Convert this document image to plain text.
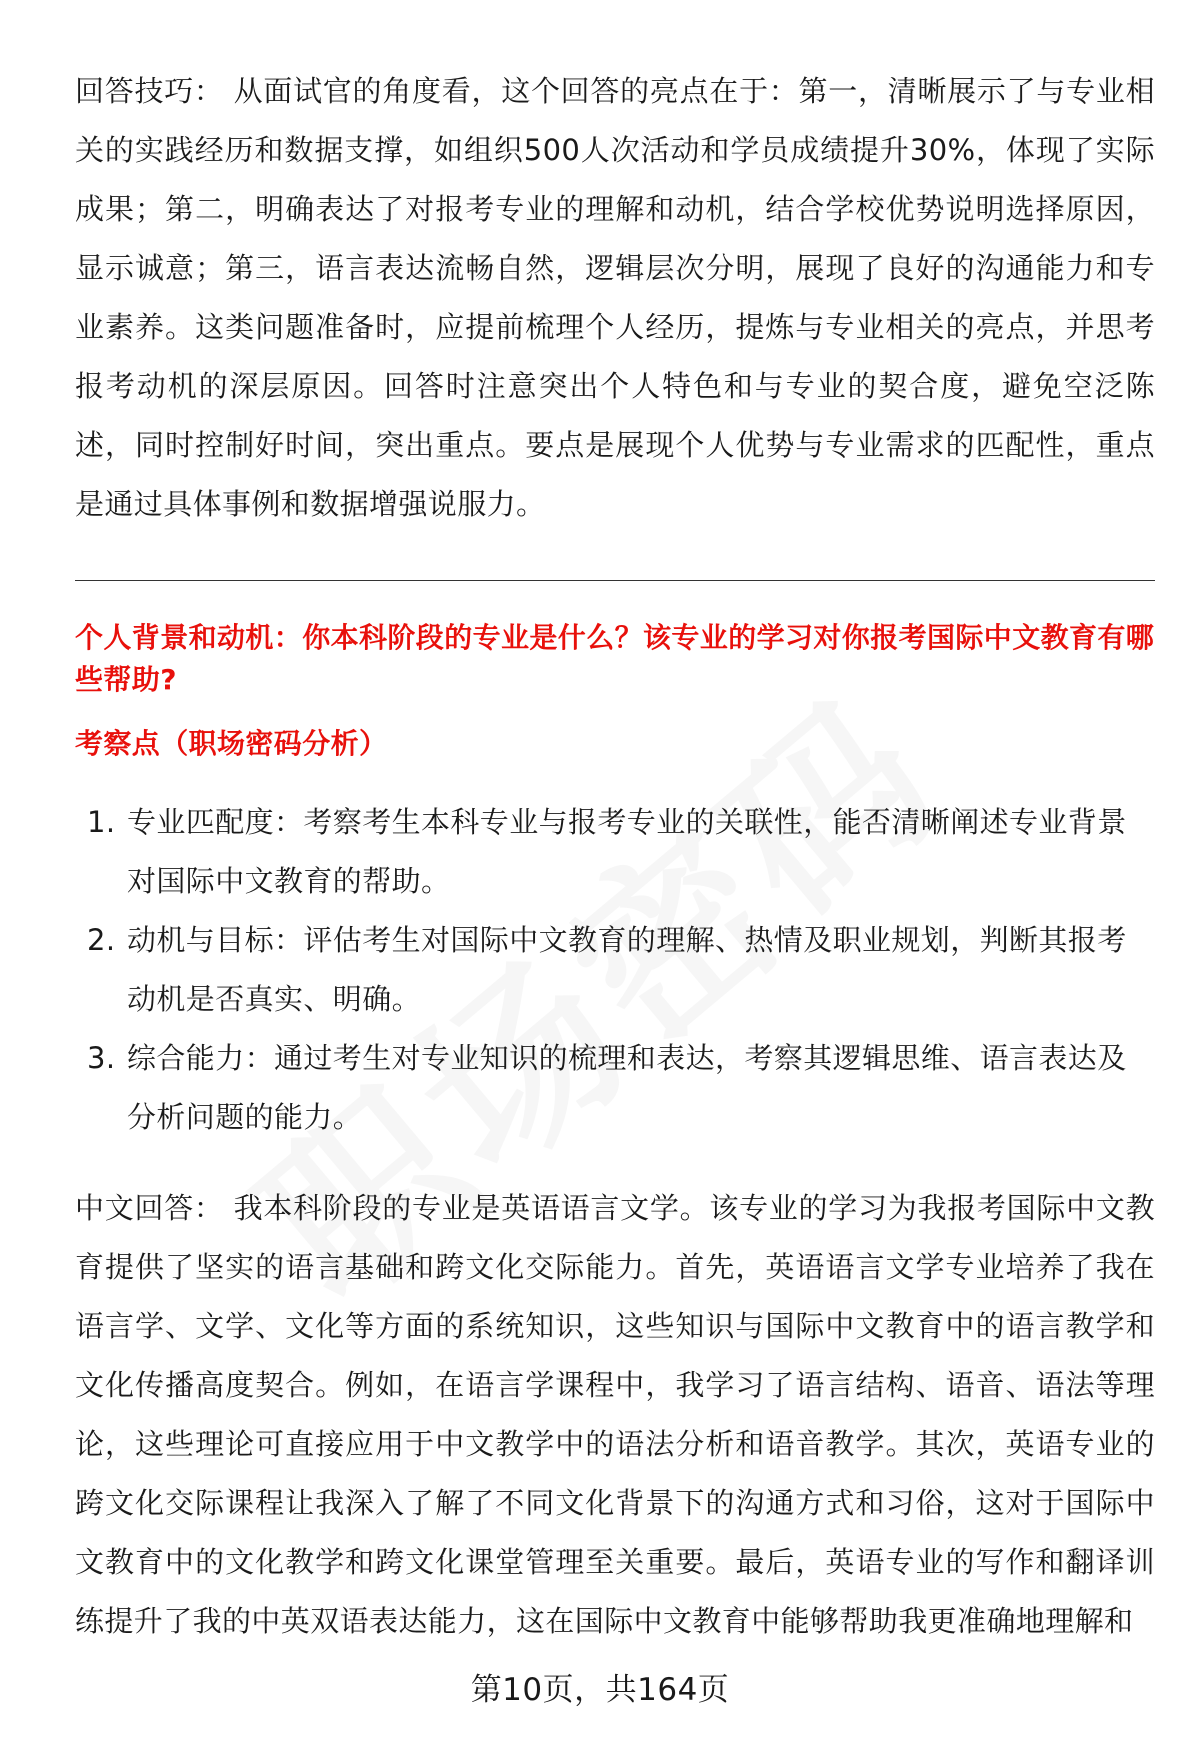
回答技巧： 从面试官的角度看，这个回答的亮点在于：第一，清晰展示了与专业相关的实践经历和数据支撑，如组织500人次活动和学员成绩提升30%，体现了实际成果；第二，明确表达了对报考专业的理解和动机，结合学校优势说明选择原因，显示诚意；第三，语言表达流畅自然，逻辑层次分明，展现了良好的沟通能力和专业素养。这类问题准备时，应提前梳理个人经历，提炼与专业相关的亮点，并思考报考动机的深层原因。回答时注意突出个人特色和与专业的契合度，避免空泛陈述，同时控制好时间，突出重点。要点是展现个人优势与专业需求的匹配性，重点是通过具体事例和数据增强说服力。

个人背景和动机：你本科阶段的专业是什么？该专业的学习对你报考国际中文教育有哪些帮助?
考察点（职场密码分析）
1. 专业匹配度：考察考生本科专业与报考专业的关联性，能否清晰阐述专业背景对国际中文教育的帮助。
2. 动机与目标：评估考生对国际中文教育的理解、热情及职业规划，判断其报考动机是否真实、明确。
3. 综合能力：通过考生对专业知识的梳理和表达，考察其逻辑思维、语言表达及分析问题的能力。

中文回答： 我本科阶段的专业是英语语言文学。该专业的学习为我报考国际中文教育提供了坚实的语言基础和跨文化交际能力。首先，英语语言文学专业培养了我在语言学、文学、文化等方面的系统知识，这些知识与国际中文教育中的语言教学和文化传播高度契合。例如，在语言学课程中，我学习了语言结构、语音、语法等理论，这些理论可直接应用于中文教学中的语法分析和语音教学。其次，英语专业的跨文化交际课程让我深入了解了不同文化背景下的沟通方式和习俗，这对于国际中文教育中的文化教学和跨文化课堂管理至关重要。最后，英语专业的写作和翻译训练提升了我的中英双语表达能力，这在国际中文教育中能够帮助我更准确地理解和

第10页，共164页
